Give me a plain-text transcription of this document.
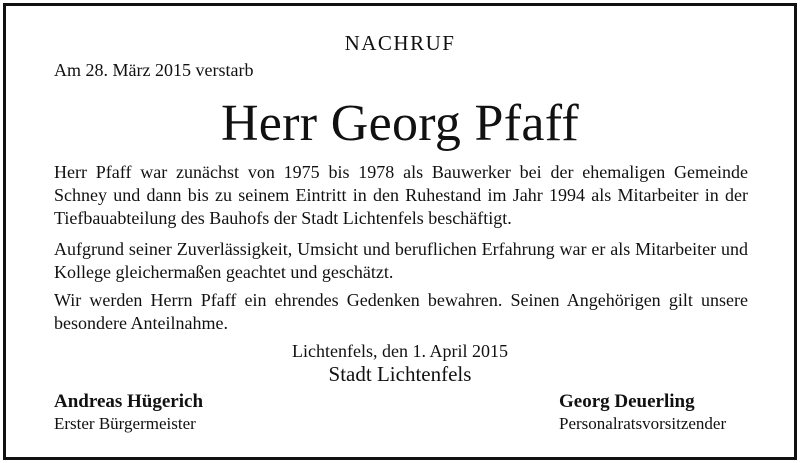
NACHRUF
Am 28. März 2015 verstarb
Herr Georg Pfaff
Herr Pfaff war zunächst von 1975 bis 1978 als Bauwerker bei der ehemaligen Gemeinde Schney und dann bis zu seinem Eintritt in den Ruhestand im Jahr 1994 als Mitarbeiter in der Tiefbauabteilung des Bauhofs der Stadt Lichtenfels beschäftigt.
Aufgrund seiner Zuverlässigkeit, Umsicht und beruflichen Erfahrung war er als Mitarbeiter und Kollege gleichermaßen geachtet und geschätzt.
Wir werden Herrn Pfaff ein ehrendes Gedenken bewahren. Seinen Angehörigen gilt unsere besondere Anteilnahme.
Lichtenfels, den 1. April 2015
Stadt Lichtenfels
Andreas Hügerich
Erster Bürgermeister
Georg Deuerling
Personalratsvorsitzender
